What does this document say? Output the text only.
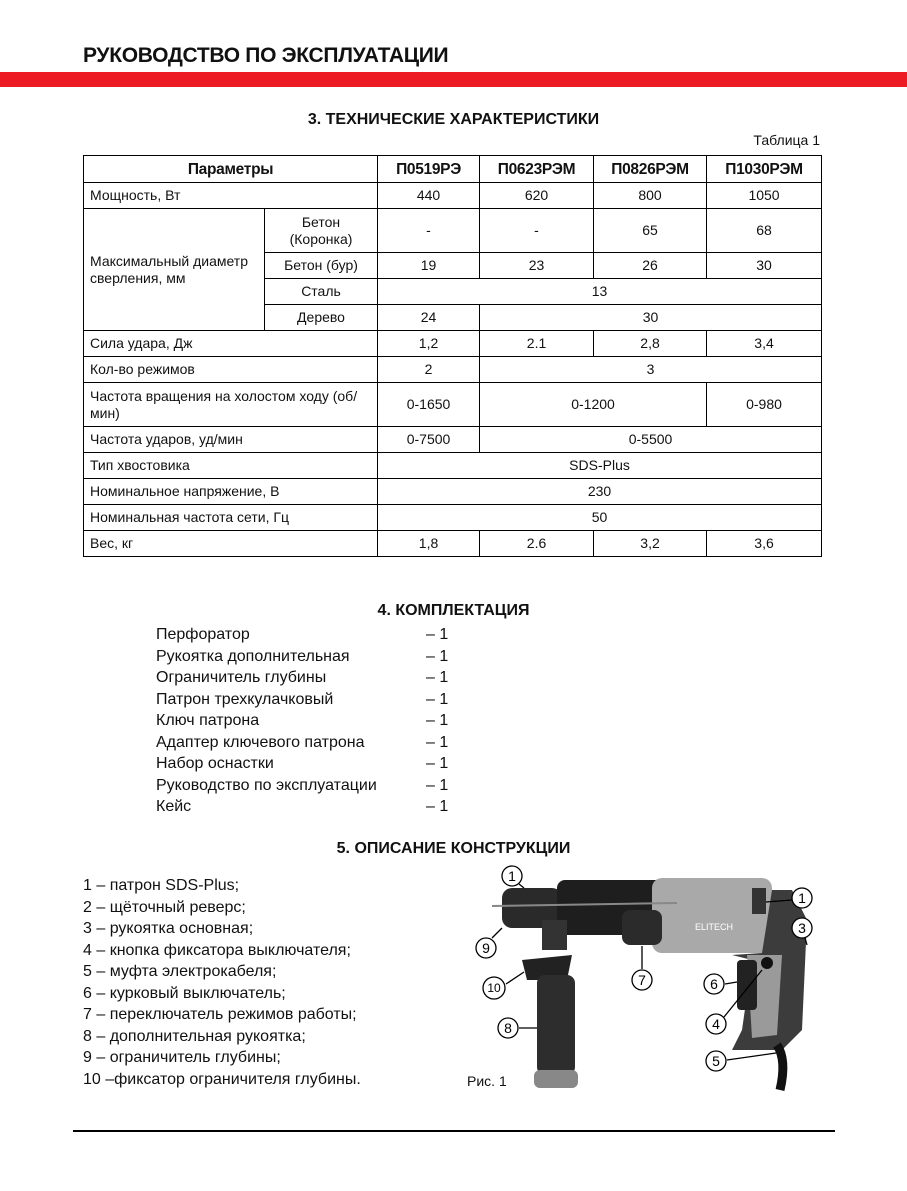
РУКОВОДСТВО ПО ЭКСПЛУАТАЦИИ
3. ТЕХНИЧЕСКИЕ ХАРАКТЕРИСТИКИ
Таблица 1
Параметры		П0519РЭ	П0623РЭМ	П0826РЭМ	П1030РЭМ
Мощность, Вт		440	620	800	1050
Максимальный диаметр сверления, мм	Бетон (Коронка)	-	-	65	68
	Бетон (бур)	19	23	26	30
	Сталь	13			
	Дерево	24	30		
Сила удара, Дж		1,2	2.1	2,8	3,4
Кол-во режимов		2	3		
Частота вращения на холостом ходу (об/мин)		0-1650	0-1200		0-980
Частота ударов, уд/мин		0-7500	0-5500		
Тип хвостовика		SDS-Plus			
Номинальное напряжение, В		230			
Номинальная частота сети, Гц		50			
Вес, кг		1,8	2.6	3,2	3,6
4. КОМПЛЕКТАЦИЯ
Перфоратор	– 1
Рукоятка дополнительная	– 1
Ограничитель глубины	– 1
Патрон трехкулачковый	– 1
Ключ патрона	– 1
Адаптер ключевого патрона	– 1
Набор оснастки	– 1
Руководство по эксплуатации	– 1
Кейс	– 1
5. ОПИСАНИЕ КОНСТРУКЦИИ
1 – патрон SDS-Plus;
2 – щёточный реверс;
3 – рукоятка основная;
4 – кнопка фиксатора выключателя;
5 – муфта электрокабеля;
6 – курковый выключатель;
7 – переключатель режимов работы;
8 – дополнительная рукоятка;
9 – ограничитель глубины;
10 –фиксатор ограничителя глубины.
ELITECH
1
1
3
6
4
5
7
8
9
10
Рис. 1
